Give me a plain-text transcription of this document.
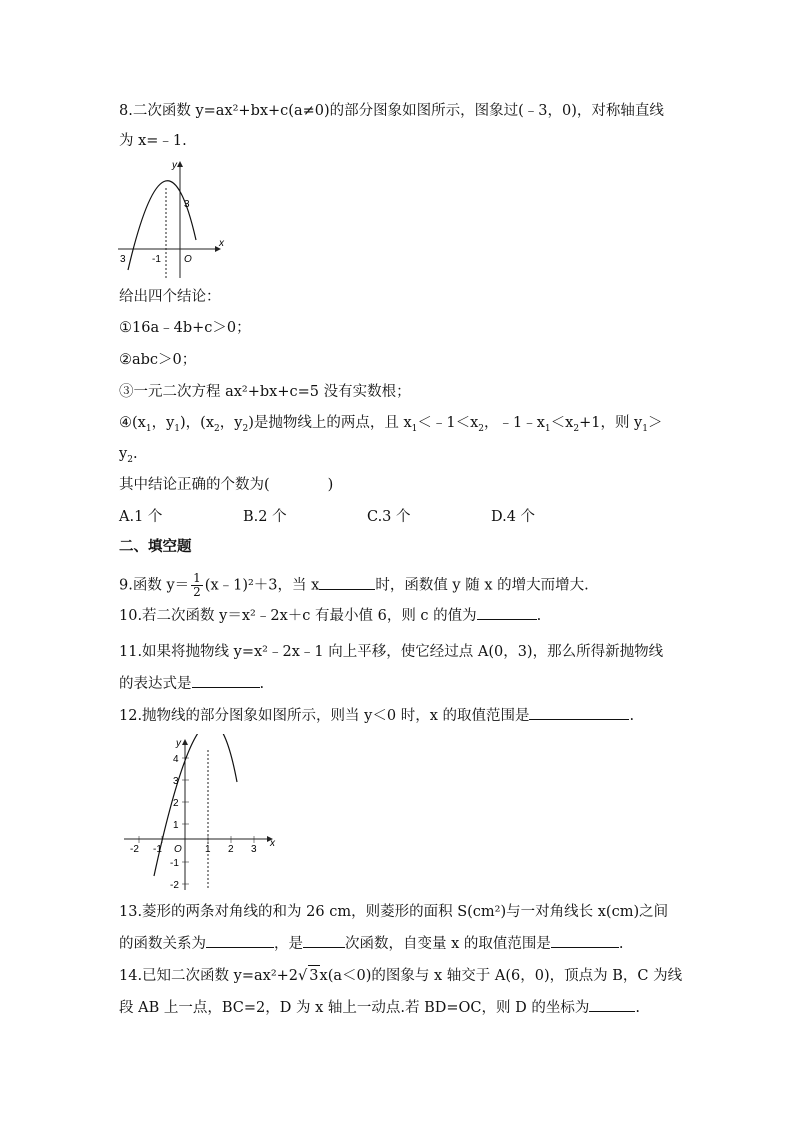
8.二次函数 y=ax²+bx+c(a≠0)的部分图象如图所示，图象过(﹣3，0)，对称轴直线
为 x=﹣1.
y
x
3
3	-1 O
给出四个结论：
①16a﹣4b+c＞0；
②abc＞0；
③一元二次方程 ax²+bx+c=5 没有实数根；
$④(x_1$，$y_1$)，($x_2$，$y_2$)是抛物线上的两点，且 $x_1<﹣1<x_2$，$﹣1﹣x_1<x_2+1$，则 $y_1>$
$y_2$.
其中结论正确的个数为(　　　　)
A.1 个	B.2 个	C.3 个	D.4 个
二、填空题
9.函数 $y= \frac{1}{2}$ (x﹣1)²＋3，当 x	时，函数值 y 随 x 的增大而增大.
10.若二次函数 y＝x²﹣2x＋c 有最小值 6，则 c 的值为	.
11.如果将抛物线 y=x²﹣2x﹣1 向上平移，使它经过点 A(0，3)，那么所得新抛物线
的表达式是	.
12.抛物线的部分图象如图所示，则当 y＜0 时，x 的取值范围是	.
y
x
4
3
2
1
-1
-2
-2 -1	1 2 3
O
13.菱形的两条对角线的和为 26 cm，则菱形的面积 S(cm²)与一对角线长 x(cm)之间
的函数关系为	，是	次函数，自变量 x 的取值范围是	.
14.已知二次函数 y=ax²+2√ 3x(a＜0)的图象与 x 轴交于 A(6，0)，顶点为 B，C 为线
段 AB 上一点，BC=2，D 为 x 轴上一动点.若 BD=OC，则 D 的坐标为	.
